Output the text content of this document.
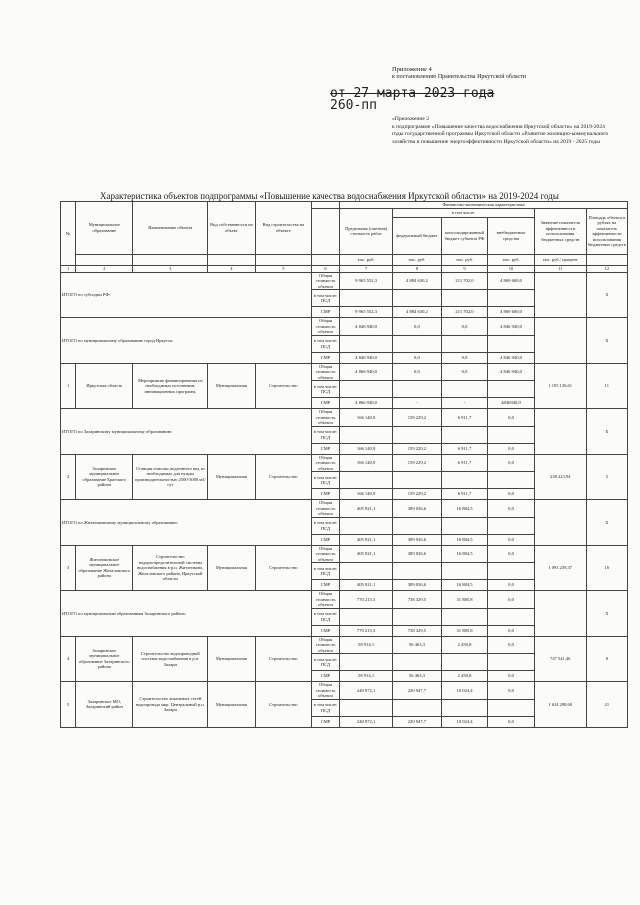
Приложение 4
к постановлению Правительства Иркутской области
от 27 марта 2023 года
260-пп
«Приложение 2
к подпрограмме «Повышение качества водоснабжения Иркутской области» на 2019-2024 годы государственной программы Иркутской области «Развитие жилищно-коммунального хозяйства и повышение энергоэффективности Иркутской области» на 2019 - 2025 годы
Характеристика объектов подпрограммы «Повышение качества водоснабжения Иркутской области» на 2019-2024 годы
№	Муниципальное образование	Наименование объекта	Вид собственности на объект	Вид строительства на объекте		Финансово-экономическая характеристика					
						Предельная (сметная) стоимость работ	в том числе:			Значение показателя эффективности использования бюджетных средств	Площадь объекта в рублях на показатель эффективности использования бюджетных средств
							федеральный бюджет	консолидированный бюджет субъекта РФ	внебюджетные средства		
						тыс. руб.	тыс. руб.	тыс. руб.	тыс. руб.	тыс. руб./ процент	
1	2	3	4	5	6	7	8	9	10	11	12
ИТОГО по субсидии РФ:					Общая стоимость объекта	9 965 552,3	4 884 630,2	211 702,0	4 869 600,0		Х

					в том числе:
ПСД						

					СМР	9 965 552,3	4 884 630,2	211 702,0	4 869 600,0		
ИТОГО по муниципальному образованию город Иркутск:					Общая стоимость объекта	4 846 940,0	0,0	0,0	4 846 940,0		Х

					в том числе:
ПСД						

					СМР	4 846 940,0	0,0	0,0	4 846 940,0		
1	Иркутская область	Мероприятие финансирования из необходимых источников, инновационных программ,	Муниципальная	Строительство	Общая стоимость объекта	4 866 940,0	0,0	0,0	4 846 940,0	1 195 136,61	11

					в том числе:
ПСД						

					СМР	4 866 940,0	-	-	4846940,0		
ИТОГО по Заларинскому муниципальному образованию:					Общая стоимость объекта	166 140,9	159 229,2	6 911,7	0,0		Х

					в том числе:
ПСД						

					СМР	166 140,9	159 229,2	6 911,7	0,0		
2	Заларинское муниципальное образование Братского района	Станция очистки подземного вод из необходимых для нужды производительностью 2500-3000 м3/сут	Муниципальная	Строительство	Общая стоимость объекта	166 140,9	159 229,2	6 911,7	0,0	238 223,94	5

					в том числе:
ПСД						

					СМР	166 140,9	159 229,2	6 911,7	0,0		
ИТОГО по Житлеиковскому муниципальному образованию:					Общая стоимость объекта	405 921,1	389 036,6	16 884,5	0,0		Х

					в том числе:
ПСД						

					СМР	405 921,1	389 036,6	16 884,5	0,0		
3	Житлеиковское муниципальное образование Жигаловского района	Строительство водораспределительной системы водоснабжения в р.п. Житлеиково, Жигаловского района, Иркутской области	Муниципальная	Строительство	Общая стоимость объекта	405 921,1	389 036,6	16 884,5	0,0	1 093 239,37	16

					в том числе:
ПСД						

					СМР	405 921,1	389 036,6	16 884,5	0,0		
ИТОГО по муниципальным образованиям Заларинского района:					Общая стоимость объекта	770 215,3	738 329,5	31 885,8	0,0		Х

					в том числе:
ПСД						

					СМР	770 215,3	738 329,5	31 885,8	0,0		
4	Заларинское муниципальное образование Заларинского района	Строительство водопроводной системы водоснабжения в р.п. Залари	Муниципальная	Строительство	Общая стоимость объекта	58 914,1	56 463,3	2 450,8	0,0	747 541,46	8

					в том числе:
ПСД						

					СМР	58 914,1	56 463,3	2 450,8	0,0		
5	Заларинское МО, Заларинский район	Строительство локальных сетей водопровода мкр. Центральный р.п. Залари	Муниципальная	Строительство	Общая стоимость объекта	240 972,1	230 947,7	10 024,4	0,0	1 624 298,60	21

					в том числе:
ПСД						

					СМР	240 972,1	230 947,7	10 024,4	0,0		
